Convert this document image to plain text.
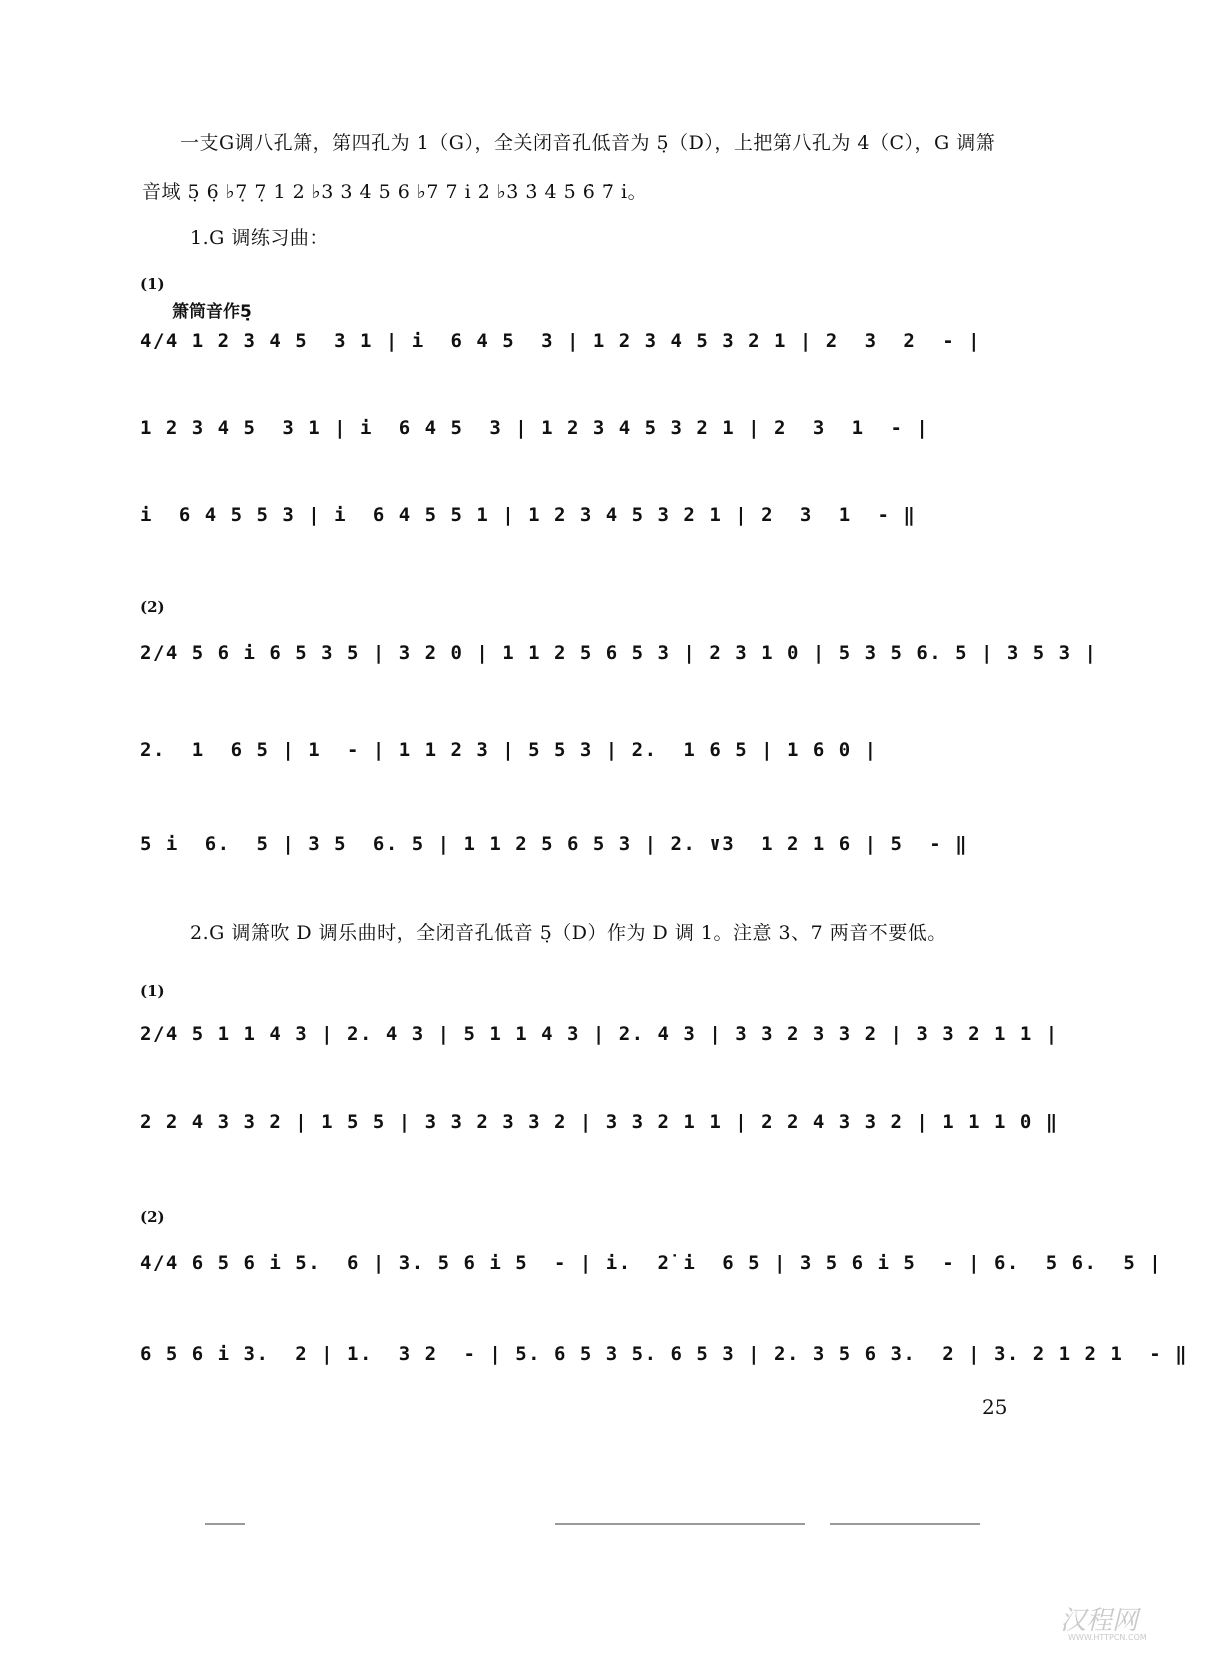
一支G调八孔箫，第四孔为 1（G），全关闭音孔低音为 5̣（D），上把第八孔为 4（C），G 调箫
音域 5̣ 6̣ ♭7̣ 7̣ 1 2 ♭3 3 4 5 6 ♭7 7 i 2̇ ♭3̇ 3̇ 4̇ 5̇ 6̇ 7̇ i̇。
1.G 调练习曲：
(1)
箫筒音作5̣
4/4 1 2 3 4 5  3 1 | i  6 4 5  3 | 1 2 3 4 5 3 2 1 | 2  3  2  - |
1 2 3 4 5  3 1 | i  6 4 5  3 | 1 2 3 4 5 3 2 1 | 2  3  1  - |
i  6 4 5 5 3 | i  6 4 5 5 1 | 1 2 3 4 5 3 2 1 | 2  3  1  - ‖
(2)
2/4 5 6 i 6 5 3 5 | 3 2 0 | 1 1 2 5 6 5 3 | 2 3 1 0 | 5 3 5 6. 5 | 3 5 3 |
2.  1  6 5 | 1  - | 1 1 2 3 | 5 5 3 | 2.  1 6 5 | 1 6 0 |
5 i  6.  5 | 3 5  6. 5 | 1 1 2 5 6 5 3 | 2. ∨3  1 2 1 6 | 5  - ‖
2.G 调箫吹 D 调乐曲时，全闭音孔低音 5̣（D）作为 D 调 1。注意 3、7 两音不要低。
(1)
2/4 5 1 1 4 3 | 2. 4 3 | 5 1 1 4 3 | 2. 4 3 | 3 3 2 3 3 2 | 3 3 2 1 1 |
2 2 4 3 3 2 | 1 5 5 | 3 3 2 3 3 2 | 3 3 2 1 1 | 2 2 4 3 3 2 | 1 1 1 0 ‖
(2)
4/4 6 5 6 i 5.  6 | 3. 5 6 i 5  - | i.  2̇ i  6 5 | 3 5 6 i 5  - | 6.  5 6.  5 |
6 5 6 i 3.  2 | 1.  3 2  - | 5. 6 5 3 5. 6 5 3 | 2. 3 5 6 3.  2 | 3. 2 1 2 1  - ‖
25
汉程网
WWW.HTTPCN.COM
